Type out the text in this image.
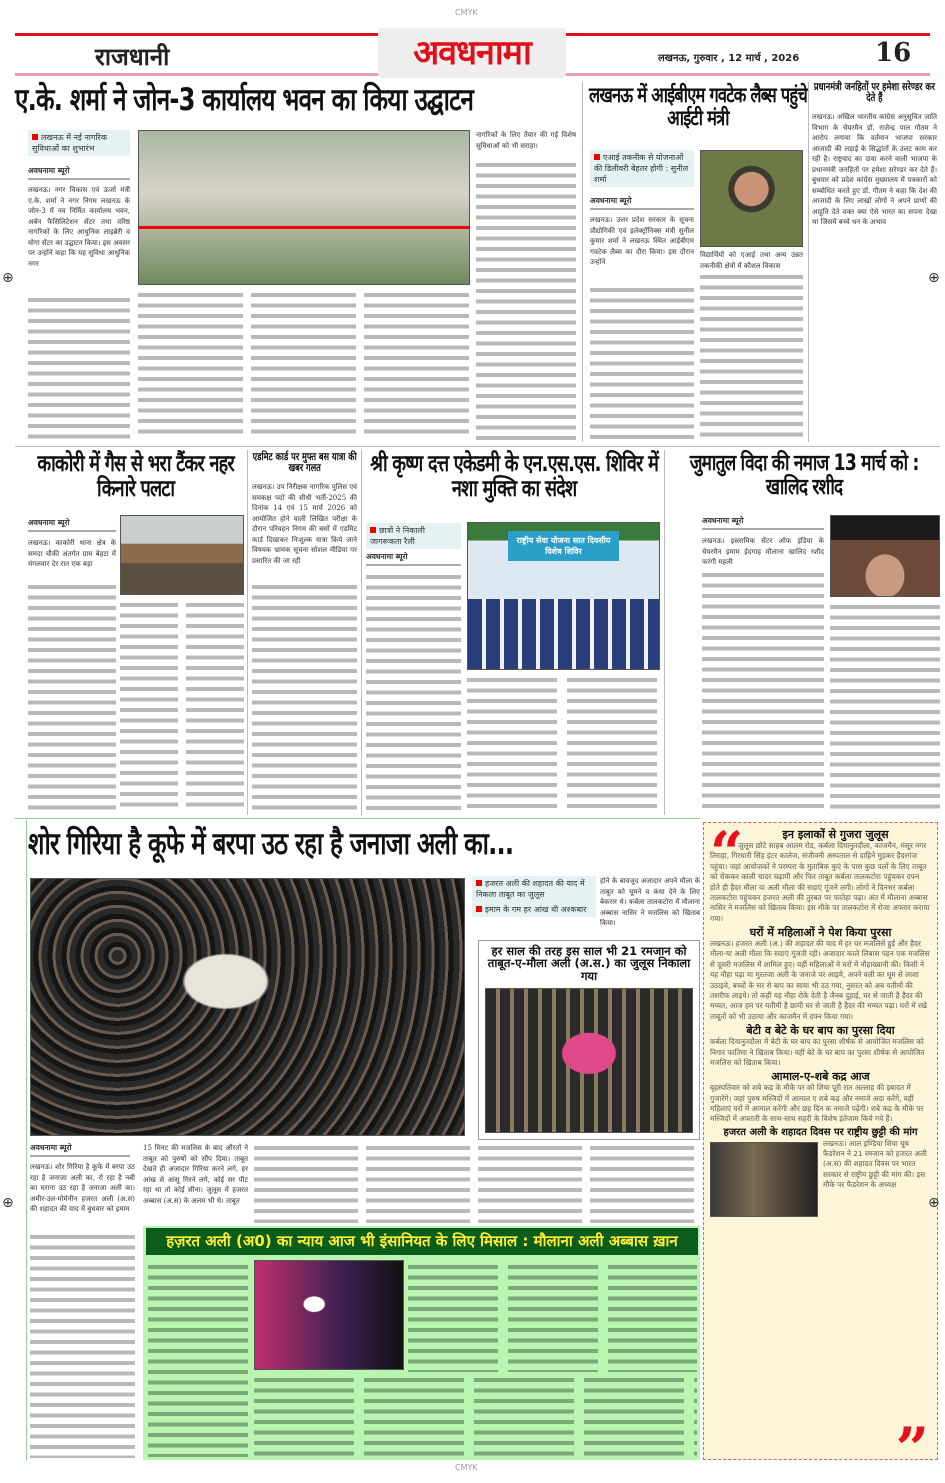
CMYK
CMYK
राजधानी	अवधनामा	लखनऊ, गुरुवार , 12 मार्च , 2026	16
ए.के. शर्मा ने जोन-3 कार्यालय भवन का किया उद्घाटन
लखनऊ में नई नागरिक सुविधाओं का शुभारंभ
अवधनामा ब्यूरो
लखनऊ। नगर विकास एवं ऊर्जा मंत्री ए.के. शर्मा ने नगर निगम लखनऊ के जोन-3 में नव निर्मित कार्यालय भवन, अर्बन फैसिलिटेशन सेंटर तथा वरिष्ठ नागरिकों के लिए आधुनिक लाइब्रेरी व योगा सेंटर का उद्घाटन किया। इस अवसर पर उन्होंने कहा कि यह सुविधा आधुनिक नगर
नागरिकों के लिए तैयार की गई विशेष सुविधाओं को भी सराहा।
लखनऊ में आईबीएम गवटेक लैब्स पहुंचे आईटी मंत्री
एआई तकनीक से योजनाओं की डिलीवरी बेहतर होगी : सुनील शर्मा
अवधनामा ब्यूरो
लखनऊ। उत्तर प्रदेश सरकार के सूचना प्रौद्योगिकी एवं इलेक्ट्रॉनिक्स मंत्री सुनील कुमार शर्मा ने लखनऊ स्थित आईबीएम गवटेक लैब्स का दौरा किया। इस दौरान उन्होंने
विद्यार्थियों को एआई तथा अन्य उन्नत तकनीकी क्षेत्रों में कौशल विकास
प्रधानमंत्री जनहितों पर हमेशा सरेण्डर कर देते हैं
लखनऊ। अखिल भारतीय कांग्रेस अनुसूचित जाति विभाग के चेयरमैन डॉ. राजेन्द्र पाल गौतम ने आरोप लगाया कि वर्तमान भाजपा सरकार आजादी की लड़ाई के सिद्धांतों के उलट काम कर रही है। राष्ट्रवाद का दावा करने वाली भाजपा के प्रधानमंत्री जनहितों पर हमेशा सरेण्डर कर देते हैं। बुधवार को प्रदेश कांग्रेस मुख्यालय में पत्रकारों को सम्बोधित करते हुए डॉ. गौतम ने कहा कि देश की आजादी के लिए लाखों लोगों ने अपने प्राणों की आहुति देते वक्त क्या ऐसे भारत का सपना देखा था जिसमें बच्चे धन के अभाव
काकोरी में गैस से भरा टैंकर नहर किनारे पलटा
अवधनामा ब्यूरो
लखनऊ। काकोरी थाना क्षेत्र के समदा चौकी अंतर्गत ग्राम बेहटा में मंगलवार देर रात एक बड़ा
एडमिट कार्ड पर मुफ्त बस यात्रा की खबर गलत
लखनऊ। उप निरीक्षक नागरिक पुलिस एवं समकक्ष पदों की सीधी भर्ती-2025 की दिनांक 14 एवं 15 मार्च 2026 को आयोजित होने वाली लिखित परीक्षा के दौरान परिवहन निगम की बसों में एडमिट कार्ड दिखाकर निःशुल्क यात्रा किये जाने विषयक भ्रामक सूचना सोशल मीडिया पर प्रसारित की जा रही
श्री कृष्ण दत्त एकेडमी के एन.एस.एस. शिविर में नशा मुक्ति का संदेश
छात्रों ने निकाली जागरूकता रैली
अवधनामा ब्यूरो
राष्ट्रीय सेवा योजना सात दिवसीय विशेष शिविर
जुमातुल विदा की नमाज 13 मार्च को : खालिद रशीद
अवधनामा ब्यूरो
लखनऊ। इस्लामिक सेंटर ऑफ इंडिया के चेयरमैन इमाम ईदगाह मौलाना खालिद रशीद फरंगी महली
शोर गिरिया है कूफे में बरपा उठ रहा है जनाजा अली का...
हजरत अली की शहादत की याद में निकला ताबूत का जुलूस
इमाम के गम हर आंख थी अश्कबार
होने के बावजूद अजादार अपने मौला के ताबूत को चूमने व कंधा देने के लिए बेकरार थे। कर्बला तालकटोरा में मौलाना अब्बास नासिर ने मजलिस को खिताब किया।
हर साल की तरह इस साल भी 21 रमजान को ताबूत-ए-मौला अली (अ.स.) का जुलूस निकाला गया
अवधनामा ब्यूरो
लखनऊ। शोर गिरिया है कूफे में बरपा उठ रहा है जनाजा अली का, रो रहा है नबी का घराना उठ रहा है जनाजा अली का। अमीर-उल-मोमेनीन हजरत अली (अ.स) की शहादत की याद में बुधवार को इमाम
15 मिनट की मजलिस के बाद औरतों ने ताबूत को पुरुषों को सौंप दिया। ताबूत देखते ही अजादार गिरिया करने लगे, हर आंख से आंसू गिरने लगे, कोई सर पीट रहा था तो कोई सीना। जुलूस में हजरत अब्बास (अ.स) के अलम भी थे। ताबूत
हज़रत अली (अ0) का न्याय आज भी इंसानियत के लिए मिसाल : मौलाना अली अब्बास ख़ान
“	इन इलाकों से गुजरा जुलूस
जुलूस छोटे साहब आलम रोड, कर्बला दियानुतदौला, काजमैन, मंसूर नगर तिराहा, गिरधारी सिंह इंटर कालेज, संजीवनी अस्पताल से दाहिने मुड़कर हैदरगंज पहुंचा। जहां आयोजकों ने परम्परा के मुताबिक कुएं के पास कुछ पलों के लिए ताबूत को रोककर काली चादर चढ़ायी और फिर ताबूत कर्बला तालकटोरा पहुंचकर दफ्न होते ही हैदर मौला या अली मौला की सदाएं गूंजने लगी। लोगों ने दिनभर कर्बला तालकटोरा पहुंचकर हजरत अली की तुरबत पर फातेहा पढ़ा। अंत में मौलाना अब्बास नासिर ने मजलिस को खिताब किया। इस मौके पर तालकटोरा में रोजा अफ्तार कराया गया।
घरों में महिलाओं ने पेश किया पुरसा
लखनऊ। हजरत अली (अ.) की शहादत की याद में हर घर मजलिसें हुईं और हैदर मौला-या अली मौला कि सदाएं गूंजती रही। अजादार काले लिबास पहन एक मजलिस से दूसरी मजलिस में शामिल हुए। वहीं महिलाओं ने घरों में नौहाख्वानी की। किसी ने यह नौहा पढ़ा या मुरतजा अली के जनाजे पर आइये, अपने वली का धूम से लाशा उठाइये, बच्चों के सर से बाप का साया भी उठ गया, नुसरत को अब यतीमों की तशरीफ लाइये। तो कहीं यह नौहा रोके देती है जैनब दुहाई, घर से जाती है हैदर की मय्यत, आज हम पर यतीमी है छायी घर से जाती है हैदर की मय्यत पढ़ा। घरों में रखे ताबूतों को भी उठाया और काजमैन में दफ्न किया गया।
बेटी व बेटे के घर बाप का पुरसा दिया
कर्बला दियानुतदौला में बेटी के घर बाप का पुरसा शीर्षक से आयोजित मजलिस को निगार फातिमा ने खिताब किया। वहीं बेटे के घर बाप का पुरसा शीर्षक से आयोजित मजलिस को खिताब किया।
आमाल-ए-शबे कद्र आज
बृहस्पतिवार को शबे कद्र के मौके पर को शिया पूरी रात अल्लाह की इबादत में गुजारेंगे। जहां पुरुष मस्जिदों में आमाल ए शबे कद्र और नमाजे अदा करेंगे, वहीं महिलाएं घरों में आमाल करेंगी और छह दिन क नमाजे पढ़ेंगी। शबे कद्र के मौके पर मस्जिदों में अफ्तारी के साथ-साथ सहरी के विशेष इंतेजाम किये गये हैं।
हजरत अली के शहादत दिवस पर राष्ट्रीय छुट्टी की मांग
लखनऊ। आल इण्डिया शिया यूथ फैडरेशन ने 21 रमजान को हजरत अली (अ.स) की शहादत दिवस पर भारत सरकार से राष्ट्रीय छुट्टी की मांग की। इस मौके पर फैडरेशन के अध्यक्ष
”
⊕	⊕
⊕	⊕
